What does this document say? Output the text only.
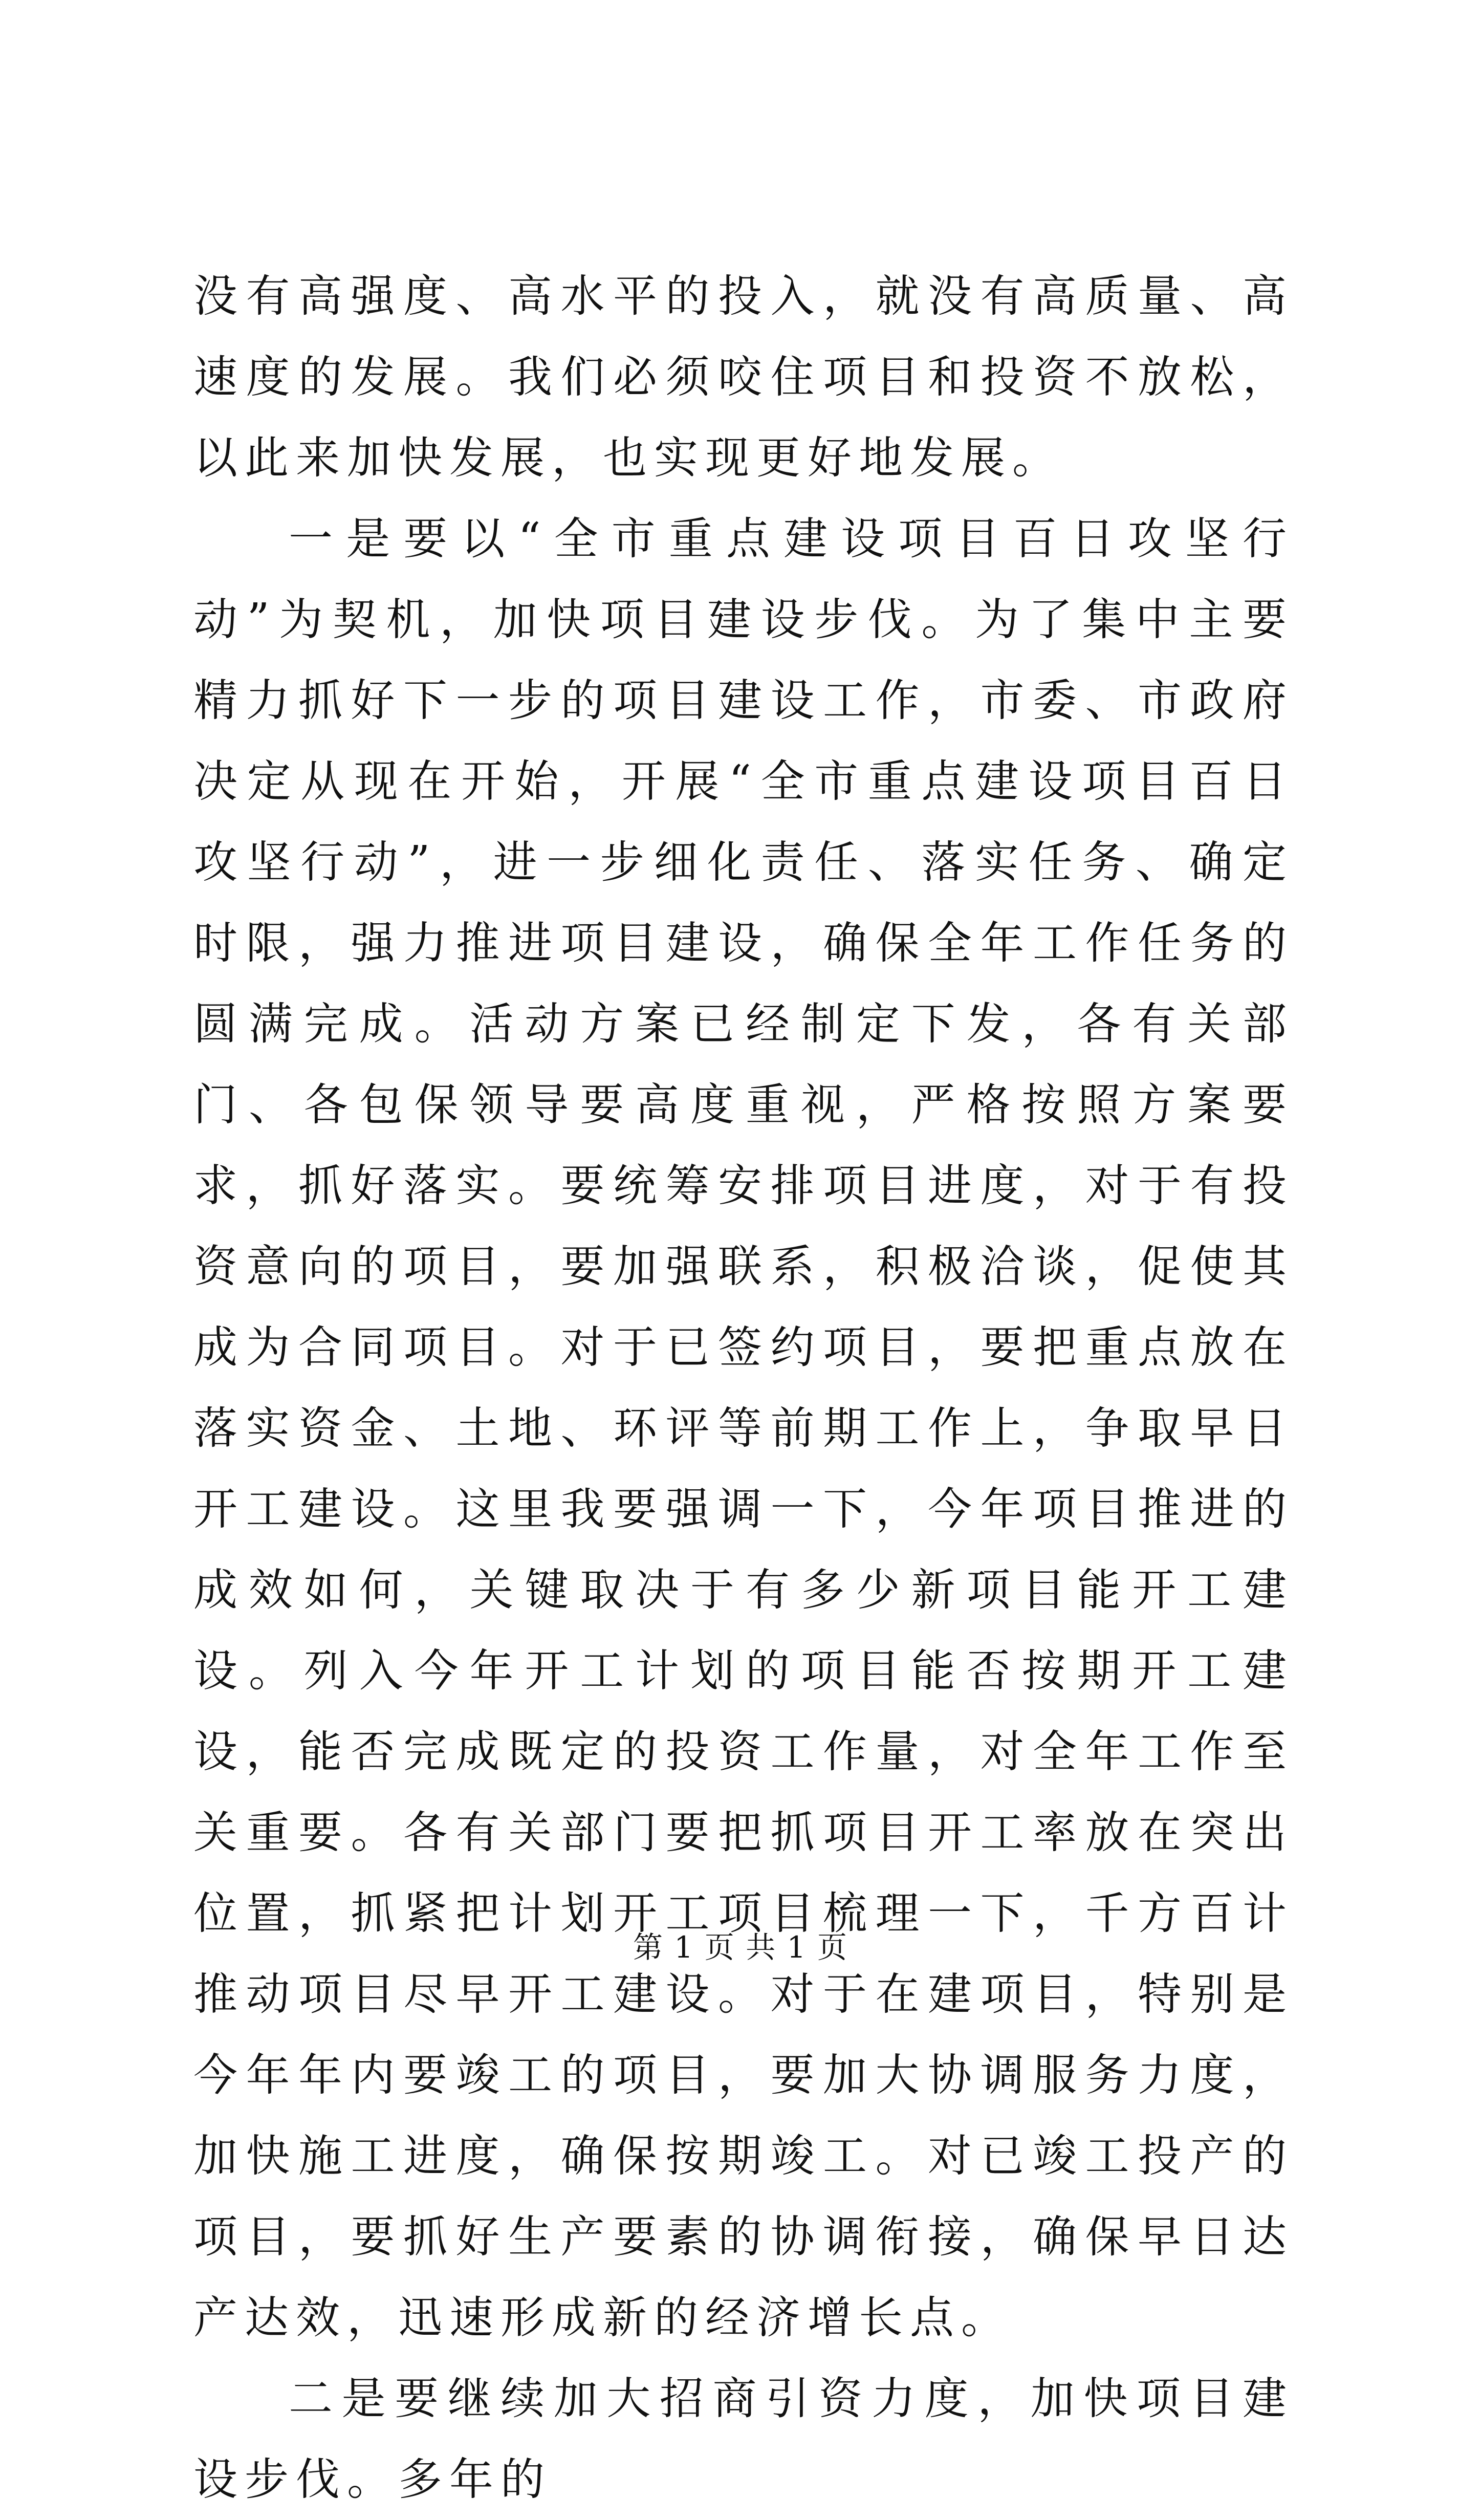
没有高强度、高水平的投入，就没有高质量、高速度的发展。我们必须咬住项目和投资不放松，以此来加快发展，也实现更好地发展。

一是要以“全市重点建设项目百日攻坚行动”为契机，加快项目建设步伐。为了集中主要精力抓好下一步的项目建设工作，市委、市政府决定从现在开始，开展“全市重点建设项目百日攻坚行动”，进一步细化责任、落实任务、确定时限，强力推进项目建设，确保全年工作任务的圆满完成。活动方案已经制定下发，各有关部门、各包保领导要高度重视，严格按照方案要求，抓好落实。要统筹安排项目进度，对于有投资意向的项目，要加强联系，积极洽谈，促使其成为合同项目。对于已签约项目，要把重点放在落实资金、土地、环评等前期工作上，争取早日开工建设。这里我要强调一下，今年项目推进的成效如何，关键取决于有多少新项目能开工建设。列入今年开工计划的项目能否按期开工建设，能否完成既定的投资工作量，对全年工作至关重要。各有关部门要把抓项目开工率放在突出位置，抓紧把计划开工项目梳理一下，千方百计推动项目尽早开工建设。对于在建项目，特别是今年年内要竣工的项目，要加大协调服务力度，加快施工进度，确保按期竣工。对已竣工投产的项目，要抓好生产要素的协调衔接，确保早日达产达效，迅速形成新的经济增长点。

二是要继续加大招商引资力度，加快项目建设步伐。多年的

第 1 页 共 1 页
